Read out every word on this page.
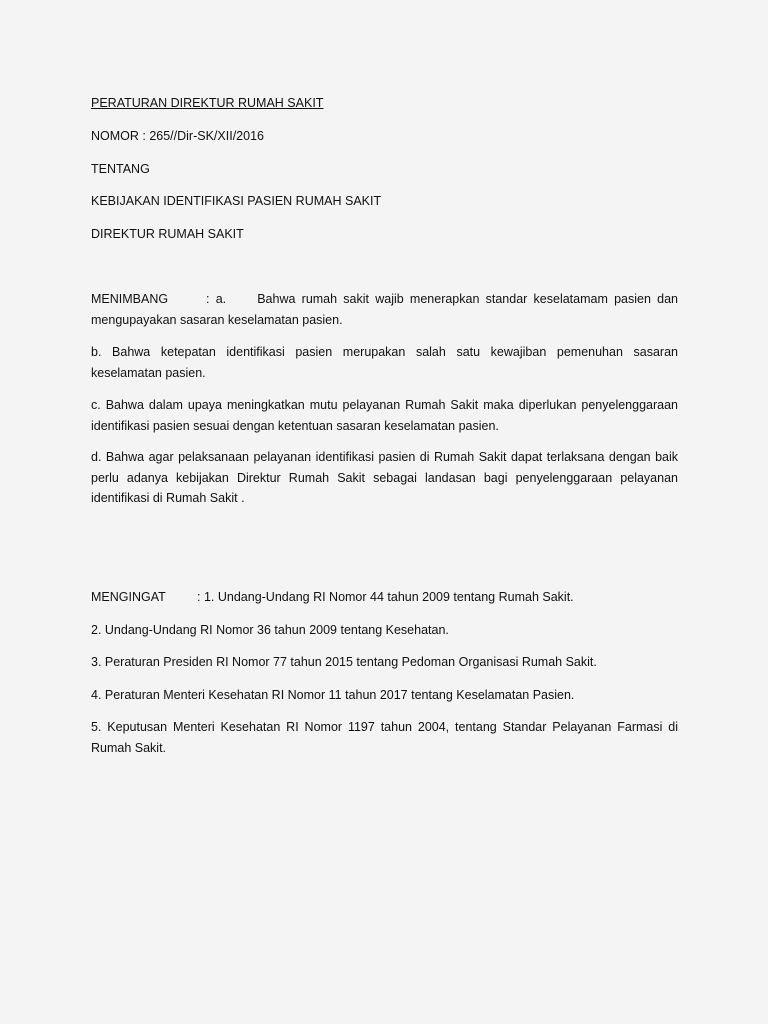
PERATURAN DIREKTUR RUMAH SAKIT

NOMOR : 265//Dir-SK/XII/2016

TENTANG

KEBIJAKAN IDENTIFIKASI PASIEN RUMAH SAKIT

DIREKTUR RUMAH SAKIT

MENIMBANG	: a. Bahwa rumah sakit wajib menerapkan standar keselatamam pasien dan mengupayakan sasaran keselamatan pasien.

b. Bahwa ketepatan identifikasi pasien merupakan salah satu kewajiban pemenuhan sasaran keselamatan pasien.

c. Bahwa dalam upaya meningkatkan mutu pelayanan Rumah Sakit maka diperlukan penyelenggaraan identifikasi pasien sesuai dengan ketentuan sasaran keselamatan pasien.

d. Bahwa agar pelaksanaan pelayanan identifikasi pasien di Rumah Sakit dapat terlaksana dengan baik perlu adanya kebijakan Direktur Rumah Sakit sebagai landasan bagi penyelenggaraan pelayanan identifikasi di Rumah Sakit .

MENGINGAT : 1. Undang-Undang RI Nomor 44 tahun 2009 tentang Rumah Sakit.

2. Undang-Undang RI Nomor 36 tahun 2009 tentang Kesehatan.

3. Peraturan Presiden RI Nomor 77 tahun 2015 tentang Pedoman Organisasi Rumah Sakit.

4. Peraturan Menteri Kesehatan RI Nomor 11 tahun 2017 tentang Keselamatan Pasien.

5. Keputusan Menteri Kesehatan RI Nomor 1197 tahun 2004, tentang Standar Pelayanan Farmasi di Rumah Sakit.
